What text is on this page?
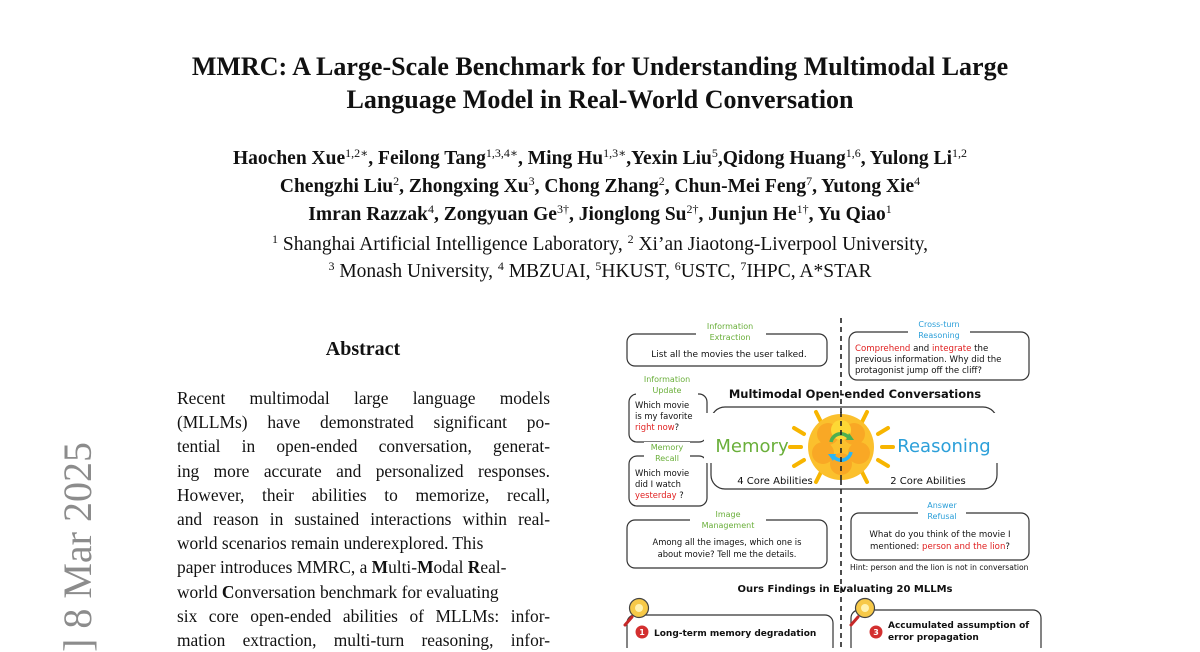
MMRC: A Large-Scale Benchmark for Understanding Multimodal Large
Language Model in Real-World Conversation
Haochen Xue$^{1,2∗}$, Feilong Tang$^{1,3,4∗}$, Ming $Hu^{1,3∗},Yexin$ Liu$^5$,Qidong Huang$^{1,6}$, Yulong Li$^{1,2}$
Chengzhi Liu$^2$, Zhongxing Xu$^3$, Chong Zhang$^2$, Chun-Mei Feng$^7$, Yutong Xie$^4$
Imran Razzak$^4$, Zongyuan $Ge^{3\dagger}$, Jionglong $Su^{2\dagger}$, Junjun $He^{1\dagger}$, Yu Qiao$^1$
$^1$ Shanghai Artificial Intelligence Laboratory, $^2$ Xi’an Jiaotong-Liverpool University,
$^3$ Monash University, $^4$ MBZUAI, $^5$HKUST, $^6$USTC, $^7$IHPC, A*STAR
] 8 Mar 2025
Abstract
Recent multimodal large language models
(MLLMs) have demonstrated significant po-
tential in open-ended conversation, generat-
ing more accurate and personalized responses.
However, their abilities to memorize, recall,
and reason in sustained interactions within real-
world scenarios remain underexplored. This
paper introduces MMRC, a Multi-Modal Real-
world Conversation benchmark for evaluating
six core open-ended abilities of MLLMs: infor-
mation extraction, multi-turn reasoning, infor-
Information
Extraction
List all the movies the user talked.
Cross-turn
Reasoning
Comprehend and integrate the
previous information. Why did the
protagonist jump off the cliff?
Information
Update
Which movie
is my favorite
right now?
Memory
Recall
Which movie
did I watch
yesterday ?
Multimodal Open-ended Conversations
Memory	Reasoning
4 Core Abilities	2 Core Abilities
Image
Management
Among all the images, which one is
about movie? Tell me the details.
Answer
Refusal
What do you think of the movie I
mentioned: person and the lion?
Hint: person and the lion is not in conversation
Ours Findings in Evaluating 20 MLLMs
1 Long-term memory degradation	3
Accumulated assumption of
error propagation
